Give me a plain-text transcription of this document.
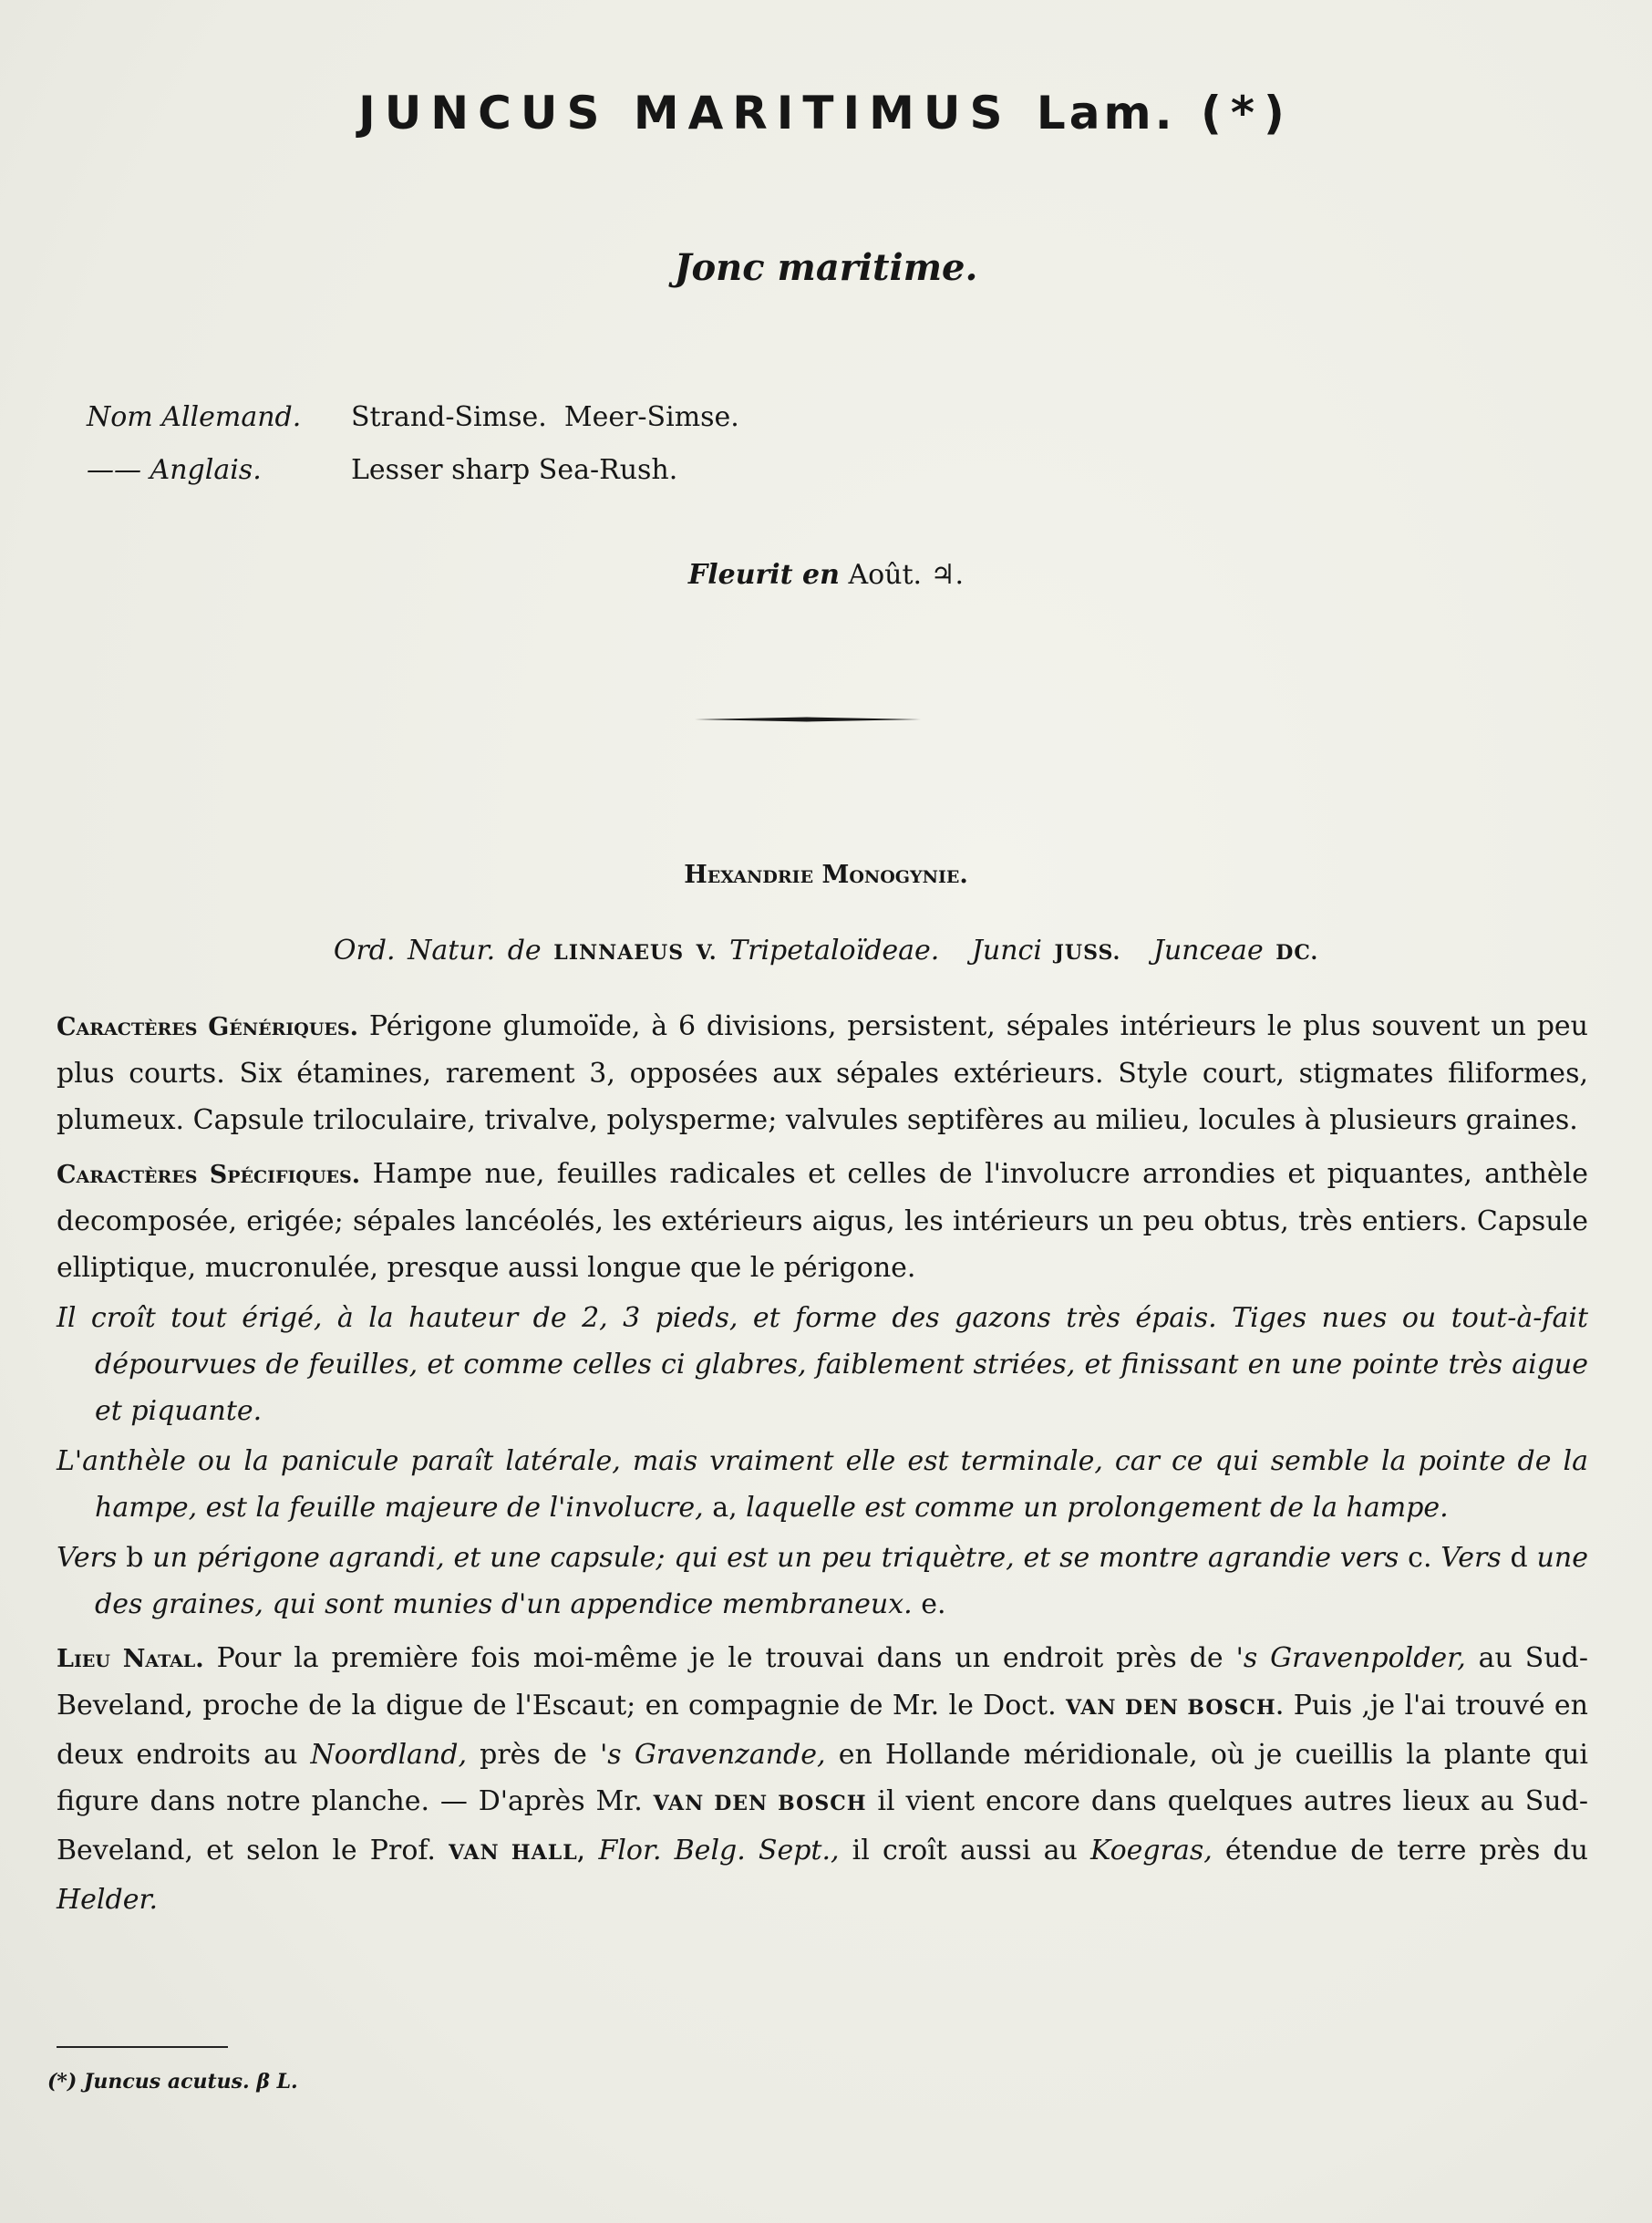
JUNCUS MARITIMUS Lam. (*)
Jonc maritime.
Nom Allemand.	Strand-Simse.  Meer-Simse.
—— Anglais.	Lesser sharp Sea-Rush.
Fleurit en Août. ♃.
Hexandrie Monogynie.
Ord. Natur. de LINNAEUS V. Tripetaloïdeae. Junci JUSS. Junceae DC.

Caractères Génériques. Périgone glumoïde, à 6 divisions, persistent, sépales intérieurs le plus souvent un peu plus courts. Six étamines, rarement 3, opposées aux sépales extérieurs. Style court, stigmates filiformes, plumeux. Capsule triloculaire, trivalve, polysperme; valvules septifères au milieu, locules à plusieurs graines.

Caractères Spécifiques. Hampe nue, feuilles radicales et celles de l'involucre arrondies et piquantes, anthèle decomposée, erigée; sépales lancéolés, les extérieurs aigus, les intérieurs un peu obtus, très entiers. Capsule elliptique, mucronulée, presque aussi longue que le périgone.

Il croît tout érigé, à la hauteur de 2, 3 pieds, et forme des gazons très épais. Tiges nues ou tout-à-fait dépourvues de feuilles, et comme celles ci glabres, faiblement striées, et finissant en une pointe très aigue et piquante.

L'anthèle ou la panicule paraît latérale, mais vraiment elle est terminale, car ce qui semble la pointe de la hampe, est la feuille majeure de l'involucre, a, laquelle est comme un prolongement de la hampe.

Vers b un périgone agrandi, et une capsule; qui est un peu triquètre, et se montre agrandie vers c. Vers d une des graines, qui sont munies d'un appendice membraneux. e.

Lieu Natal. Pour la première fois moi-même je le trouvai dans un endroit près de 's Gravenpolder, au Sud-Beveland, proche de la digue de l'Escaut; en compagnie de Mr. le Doct. VAN DEN BOSCH. Puis ,je l'ai trouvé en deux endroits au Noordland, près de 's Gravenzande, en Hollande méridionale, où je cueillis la plante qui figure dans notre planche. — D'après Mr. VAN DEN BOSCH il vient encore dans quelques autres lieux au Sud-Beveland, et selon le Prof. VAN HALL, Flor. Belg. Sept., il croît aussi au Koegras, étendue de terre près du Helder.

(*) Juncus acutus. β L.
